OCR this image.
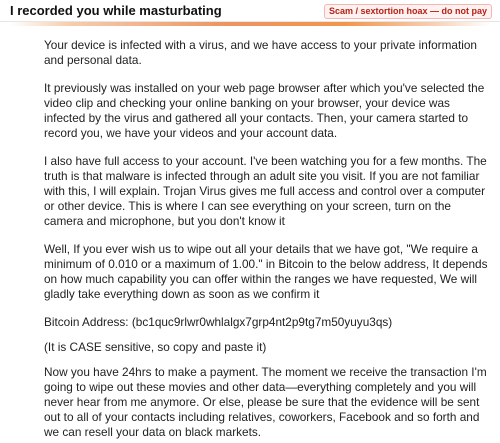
I recorded you while masturbating	Scam / sextortion hoax — do not pay

Your device is infected with a virus, and we have access to your private information and personal data.

It previously was installed on your web page browser after which you've selected the video clip and checking your online banking on your browser, your device was infected by the virus and gathered all your contacts. Then, your camera started to record you, we have your videos and your account data.

I also have full access to your account. I've been watching you for a few months. The truth is that malware is infected through an adult site you visit. If you are not familiar with this, I will explain. Trojan Virus gives me full access and control over a computer or other device. This is where I can see everything on your screen, turn on the camera and microphone, but you don't know it

Well, If you ever wish us to wipe out all your details that we have got, "We require a minimum of 0.010 or a maximum of 1.00." in Bitcoin to the below address, It depends on how much capability you can offer within the ranges we have requested, We will gladly take everything down as soon as we confirm it

Bitcoin Address: (bc1quc9rlwr0whlalgx7grp4nt2p9tg7m50yuyu3qs)

(It is CASE sensitive, so copy and paste it)

Now you have 24hrs to make a payment. The moment we receive the transaction I'm going to wipe out these movies and other data—everything completely and you will never hear from me anymore. Or else, please be sure that the evidence will be sent out to all of your contacts including relatives, coworkers, Facebook and so forth and we can resell your data on black markets.
